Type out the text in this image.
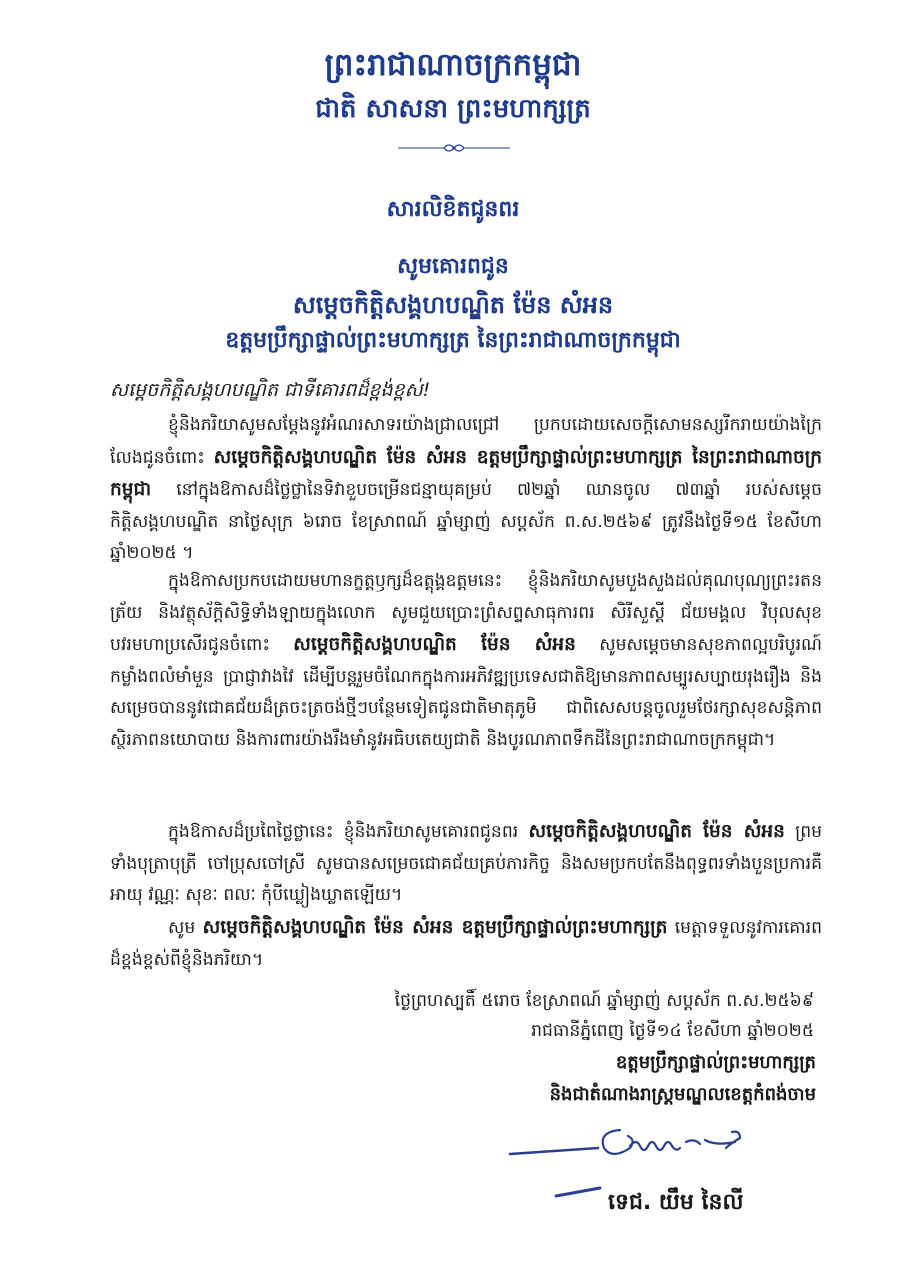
ព្រះរាជាណាចក្រកម្ពុជា
ជាតិ សាសនា ព្រះមហាក្សត្រ
សារលិខិតជូនពរ
សូមគោរពជូន
សម្តេចកិត្តិសង្គហបណ្ឌិត ម៉ែន សំអន
ឧត្តមប្រឹក្សាផ្ទាល់ព្រះមហាក្សត្រ នៃព្រះរាជាណាចក្រកម្ពុជា
សម្តេចកិត្តិសង្គហបណ្ឌិត ជាទីគោរពដ៏ខ្ពង់ខ្ពស់!
ខ្ញុំនិងភរិយាសូមសម្តែងនូវអំណរសាទរយ៉ាងជ្រាលជ្រៅ ប្រកបដោយសេចក្តីសោមនស្សរីករាយយ៉ាងក្រៃលែងជូនចំពោះ សម្តេចកិត្តិសង្គហបណ្ឌិត ម៉ែន សំអន ឧត្តមប្រឹក្សាផ្ទាល់ព្រះមហាក្សត្រ នៃព្រះរាជាណាចក្រកម្ពុជា នៅក្នុងឱកាសដ៏ថ្លៃថ្លានៃទិវាខួបចម្រើនជន្មាយុគម្រប់ ៧២ឆ្នាំ ឈានចូល ៧៣ឆ្នាំ របស់សម្តេចកិត្តិសង្គហបណ្ឌិត នាថ្ងៃសុក្រ ៦រោច ខែស្រាពណ៍ ឆ្នាំម្សាញ់ សប្តស័ក ព.ស.២៥៦៩ ត្រូវនឹងថ្ងៃទី១៥ ខែសីហា ឆ្នាំ២០២៥ ។
ក្នុងឱកាសប្រកបដោយមហានក្ខត្តឫក្សដ៏ឧត្តុង្គឧត្តមនេះ ខ្ញុំនិងភរិយាសូមបួងសួងដល់គុណបុណ្យព្រះរតនត្រ័យ និងវត្ថុស័ក្តិសិទ្ធិទាំងឡាយក្នុងលោក សូមជួយប្រោះព្រំសព្ទសាធុការពរ សិរីសួស្តី ជ័យមង្គល វិបុលសុខ បវរមហាប្រសើរជូនចំពោះ សម្តេចកិត្តិសង្គហបណ្ឌិត ម៉ែន សំអន សូមសម្តេចមានសុខភាពល្អបរិបូរណ៍ កម្លាំងពលំមាំមួន ប្រាជ្ញាវាងវៃ ដើម្បីបន្តរួមចំណែកក្នុងការអភិវឌ្ឍប្រទេសជាតិឱ្យមានភាពសម្បូរសប្បាយរុងរឿង និងសម្រេចបាននូវជោគជ័យដ៏ត្រចះត្រចង់ថ្មីៗបន្ថែមទៀតជូនជាតិមាតុភូមិ ជាពិសេសបន្តចូលរួមថែរក្សាសុខសន្តិភាព ស្ថិរភាពនយោបាយ និងការពារយ៉ាងរឹងមាំនូវអធិបតេយ្យជាតិ និងបូរណភាពទឹកដីនៃព្រះរាជាណាចក្រកម្ពុជា។
ក្នុងឱកាសដ៏ប្រពៃថ្លៃថ្លានេះ ខ្ញុំនិងភរិយាសូមគោរពជូនពរ សម្តេចកិត្តិសង្គហបណ្ឌិត ម៉ែន សំអន ព្រមទាំងបុត្រាបុត្រី ចៅប្រុសចៅស្រី សូមបានសម្រេចជោគជ័យគ្រប់ភារកិច្ច និងសមប្រកបតែនឹងពុទ្ធពរទាំងបួនប្រការគឺ អាយុ វណ្ណៈ សុខៈ ពលៈ កុំបីឃ្លៀងឃ្លាតឡើយ។
សូម សម្តេចកិត្តិសង្គហបណ្ឌិត ម៉ែន សំអន ឧត្តមប្រឹក្សាផ្ទាល់ព្រះមហាក្សត្រ មេត្តាទទួលនូវការគោរពដ៏ខ្ពង់ខ្ពស់ពីខ្ញុំនិងភរិយា។
ថ្ងៃព្រហស្បតិ៍ ៥រោច ខែស្រាពណ៍ ឆ្នាំម្សាញ់ សប្តស័ក ព.ស.២៥៦៩
រាជធានីភ្នំពេញ ថ្ងៃទី១៤ ខែសីហា ឆ្នាំ២០២៥
ឧត្តមប្រឹក្សាផ្ទាល់ព្រះមហាក្សត្រ
និងជាតំណាងរាស្ត្រមណ្ឌលខេត្តកំពង់ចាម
ទេជ. យឹម នៃលី
